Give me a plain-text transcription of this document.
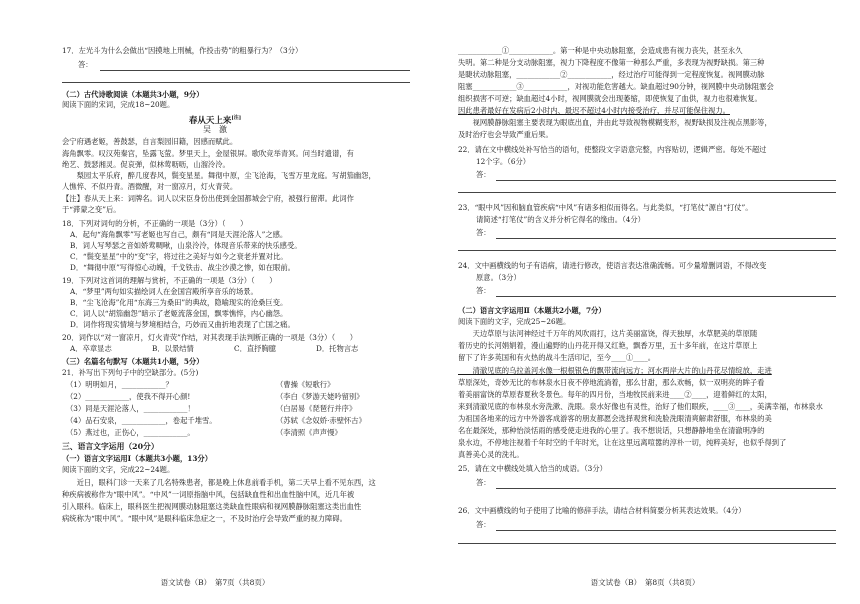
17．左光斗为什么会做出“因摸地上刑械，作投击势”的粗暴行为？（3分）
答：
（二）古代诗歌阅读（本题共3小题，9分）
阅读下面的宋词，完成18~20题。
春从天上来[注]
吴　激
会宁府遇老姬，善鼓瑟，自言梨园旧籍，因感而赋此。
海角飘零。叹汉苑秦宫，坠露飞萤。梦里天上，金屋银屏。歌吹竞举青冥。问当时遗谱，有
绝艺、鼓瑟湘灵。促哀弹，似林莺呖呖，山溜泠泠。
　　梨园太平乐府，醉几度春风，鬓变星星。舞彻中原，尘飞沧海，飞雪万里龙庭。写胡笳幽怨，
人憔悴、不似丹青。酒微醒，对一窗凉月，灯火青荧。
【注】春从天上来：词牌名。词人以宋臣身份出使到金国都城会宁府，被强行留滞。此词作
于“滞蒙之变”后。
18．下列对词句的分析，不正确的一项是（3分）（　　）
A．起句“海角飘零”写老姬也写自己，颇有“同是天涯沦落人”之感。
B．词人写琴瑟之音如娇莺啁啾，山泉泠泠，体现音乐带来的快乐感受。
C．“鬓变星星”中的“变”字，将过往之美好与如今之衰老并置对比。
D．“舞彻中原”写得惊心动魄，千戈铁击、战尘沙漠之惨，如在眼前。
19．下列对这首词的理解与赏析，不正确的一项是（3分）（　　）
A．“梦里”两句如实描绘词人在金国宫殿所享音乐的场景。
B．“尘飞沧海”化用“东海三为桑田”的典故，隐喻现实的沧桑巨变。
C．词人以“胡笳幽怨”暗示了老姬流落金国，飘零憔悴，内心幽怨。
D．词作将现实情境与梦境相结合，巧妙而又曲折地表现了亡国之痛。
20．词作以“对一窗凉月，灯火青荧”作结，对其表现手法判断正确的一项是（3分）（　　）
A．卒章显志	B．以景结情	C．直抒胸臆	D．托物言志
（三）名篇名句默写（本题共1小题，5分）
21．补写出下列句子中的空缺部分。(5分)
（1）明明如月，____________？	（曹操《短歌行》
（2）____________，使我不得开心颜!	（李白《梦游天姥吟留别》
（3）同是天涯沦落人，____________！	（白居易《琵琶行并序》
（4）品石安泉，____________，卷起千堆雪。	（苏轼《念奴娇·赤壁怀古》
（5）燕过也，正伤心，____________。	（李清照《声声慢》
三、语言文字运用（20分）
（一）语言文字运用Ⅰ（本题共3小题，13分）
阅读下面的文字，完成22~24题。
　　近日，眼科门诊一天来了几名特殊患者，都是晚上休息前看手机，第二天早上看不见东西，这
种疾病被称作为“眼中风”。“中风”一词原指脑中风，包括缺血性和出血性脑中风，近几年被
引入眼科。临床上，眼科医生把视网膜动脉阻塞这类缺血性眼病和视网膜静脉阻塞这类出血性
病统称为“眼中风”。“眼中风”是眼科临床急症之一，不及时治疗会导致严重的视力障碍。
语文试卷（B）　第7页（共8页）
____________①____________。第一种是中央动脉阻塞，会造成患有视力丧失，甚至永久
失明。第二种是分支动脉阻塞，视力下降程度不像第一种那么严重，多表现为视野缺损。第三种
是睫状动脉阻塞，____________②____________，经过治疗可能得到一定程度恢复。视网膜动脉
阻塞____________③____________，对视功能危害越大。缺血超过90分钟，视网膜中央动脉阻塞会
组织损害不可逆；缺血超过4小时，视网膜就会出现萎缩，即使恢复了血供，视力也很难恢复。
因此患者最好在发病后2小时内、最迟不超过4小时内接受治疗，并尽可能保住视力。
　　视网膜静脉阻塞主要表现为眼底出血，并由此导致视物模糊变形，视野缺损及注视点黑影等，
及时治疗也会导致严重后果。
22．请在文中横线处补写恰当的语句，使整段文字语意完整，内容贴切，逻辑严密。每处不超过
12个字。（6分）
答：
23．“眼中风”因和脑血管疾病“中风”有诸多相似而得名。与此类似，“打笔仗”源自“打仗”。
请简述“打笔仗”的含义并分析它得名的缘由。（4分）
答：
24．文中画横线的句子有语病，请进行修改，使语言表达准确流畅。可少量增删词语，不得改变
原意。（3分）
答：
（二）语言文字运用Ⅱ（本题共2小题，7分）
阅读下面的文字，完成25~26题。
　　天边草原与法河神经过千万年的风吹雨打，这片美丽富饶，得天独厚，水草肥美的草原随
着历史的长河娟娟着，漫山遍野的山丹花开得又红艳，飘香万里，五十多年前，在这片草原上
留下了许多英国和有火热的战斗生活印记，至今____①____。
　　清澈见底的乌拉盖河水像一根根银色的飘带流向远方；河水两岸大片的山丹花尽情绽放，走进
草原深处，奇妙无比的布林泉水日夜不停地流淌着，那么甘甜，那么欢畅，似一双明亮的眸子看
着美丽富饶的草原春夏秋冬景色。每年的四月份，当地牧民前来进____②____，迎着鲜红的太阳，
来到清澈见底的布林泉水旁洗漱、洗眼。泉水好像也有灵性，治好了他们眼疾，____③____，美满幸福，布林泉水
为祖国各地来的远方中外游客成游客的朋友都愿会选择观赏和洗脸洗眼清爽解肃舒服，布林泉的美
名在最深处，那种怡淡恬雨的感受使走进我的心里了。我不想说话，只想静静地坐在清澈明净的
泉水边，不停地注视着千年时空的千年时光，让在这里远离喧嚣的淳朴一切，纯粹美好，也似乎得到了
真善美心灵的洗礼。
25．请在文中横线处填入恰当的成语。（3分）
答：
26．文中画横线的句子使用了比喻的修辞手法，请结合材料简要分析其表达效果。（4分）
答：
语文试卷（B）　第8页（共8页）
